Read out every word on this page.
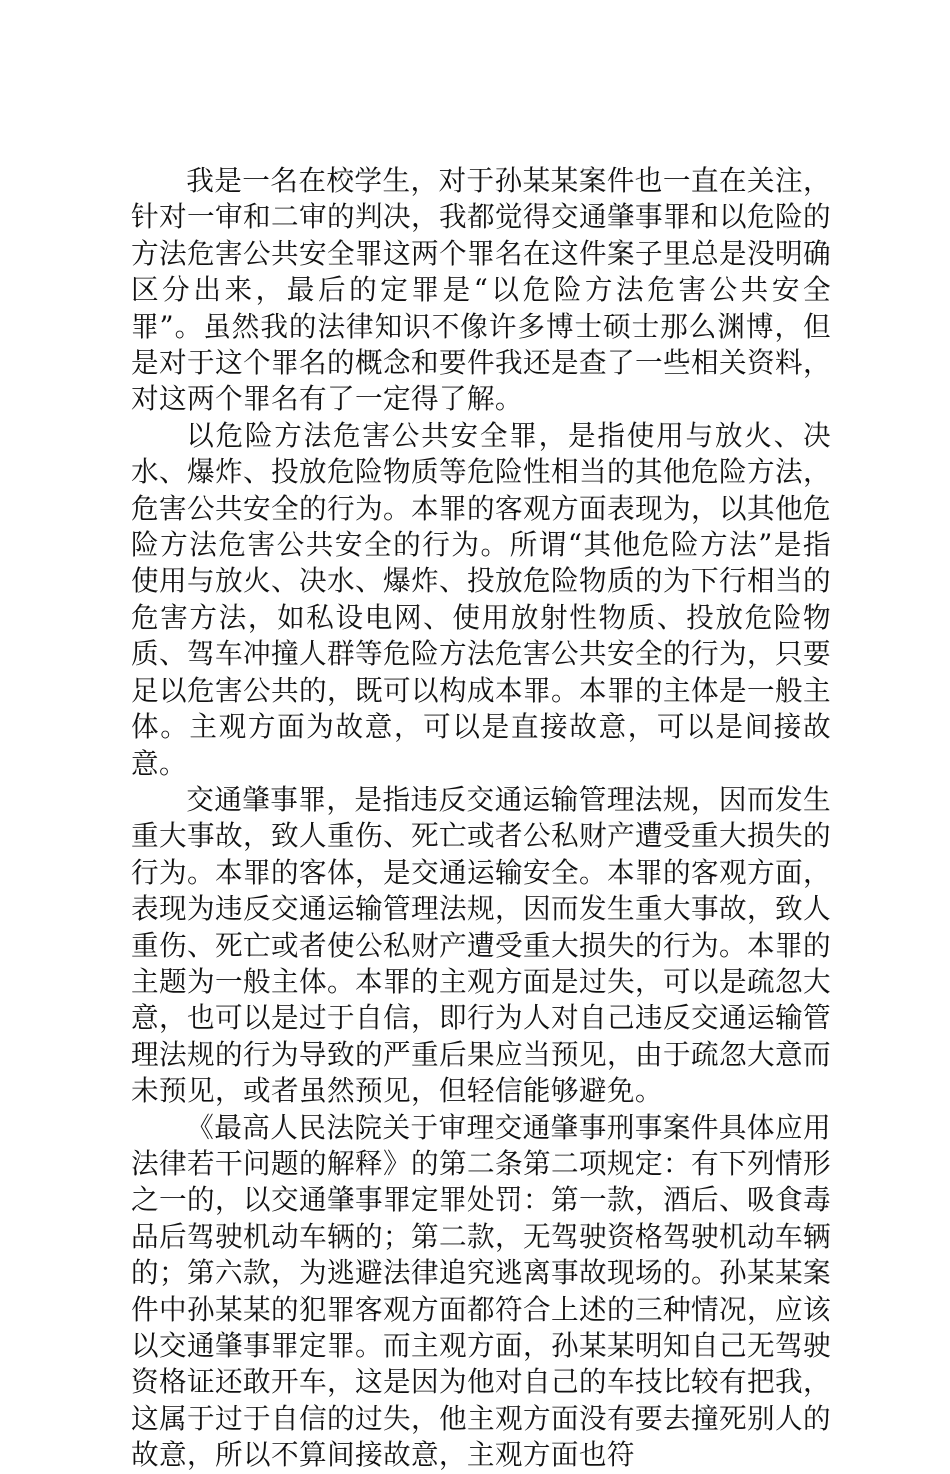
我是一名在校学生，对于孙某某案件也一直在关注，针对一审和二审的判决，我都觉得交通肇事罪和以危险的方法危害公共安全罪这两个罪名在这件案子里总是没明确区分出来，最后的定罪是“以危险方法危害公共安全罪”。虽然我的法律知识不像许多博士硕士那么渊博，但是对于这个罪名的概念和要件我还是查了一些相关资料，对这两个罪名有了一定得了解。

以危险方法危害公共安全罪，是指使用与放火、决水、爆炸、投放危险物质等危险性相当的其他危险方法，危害公共安全的行为。本罪的客观方面表现为，以其他危险方法危害公共安全的行为。所谓“其他危险方法”是指使用与放火、决水、爆炸、投放危险物质的为下行相当的危害方法，如私设电网、使用放射性物质、投放危险物质、驾车冲撞人群等危险方法危害公共安全的行为，只要足以危害公共的，既可以构成本罪。本罪的主体是一般主体。主观方面为故意，可以是直接故意，可以是间接故意。

交通肇事罪，是指违反交通运输管理法规，因而发生重大事故，致人重伤、死亡或者公私财产遭受重大损失的行为。本罪的客体，是交通运输安全。本罪的客观方面，表现为违反交通运输管理法规，因而发生重大事故，致人重伤、死亡或者使公私财产遭受重大损失的行为。本罪的主题为一般主体。本罪的主观方面是过失，可以是疏忽大意，也可以是过于自信，即行为人对自己违反交通运输管理法规的行为导致的严重后果应当预见，由于疏忽大意而未预见，或者虽然预见，但轻信能够避免。

《最高人民法院关于审理交通肇事刑事案件具体应用法律若干问题的解释》的第二条第二项规定：有下列情形之一的，以交通肇事罪定罪处罚：第一款，酒后、吸食毒品后驾驶机动车辆的；第二款，无驾驶资格驾驶机动车辆的；第六款，为逃避法律追究逃离事故现场的。孙某某案件中孙某某的犯罪客观方面都符合上述的三种情况，应该以交通肇事罪定罪。而主观方面，孙某某明知自己无驾驶资格证还敢开车，这是因为他对自己的车技比较有把我，这属于过于自信的过失，他主观方面没有要去撞死别人的故意，所以不算间接故意，主观方面也符
